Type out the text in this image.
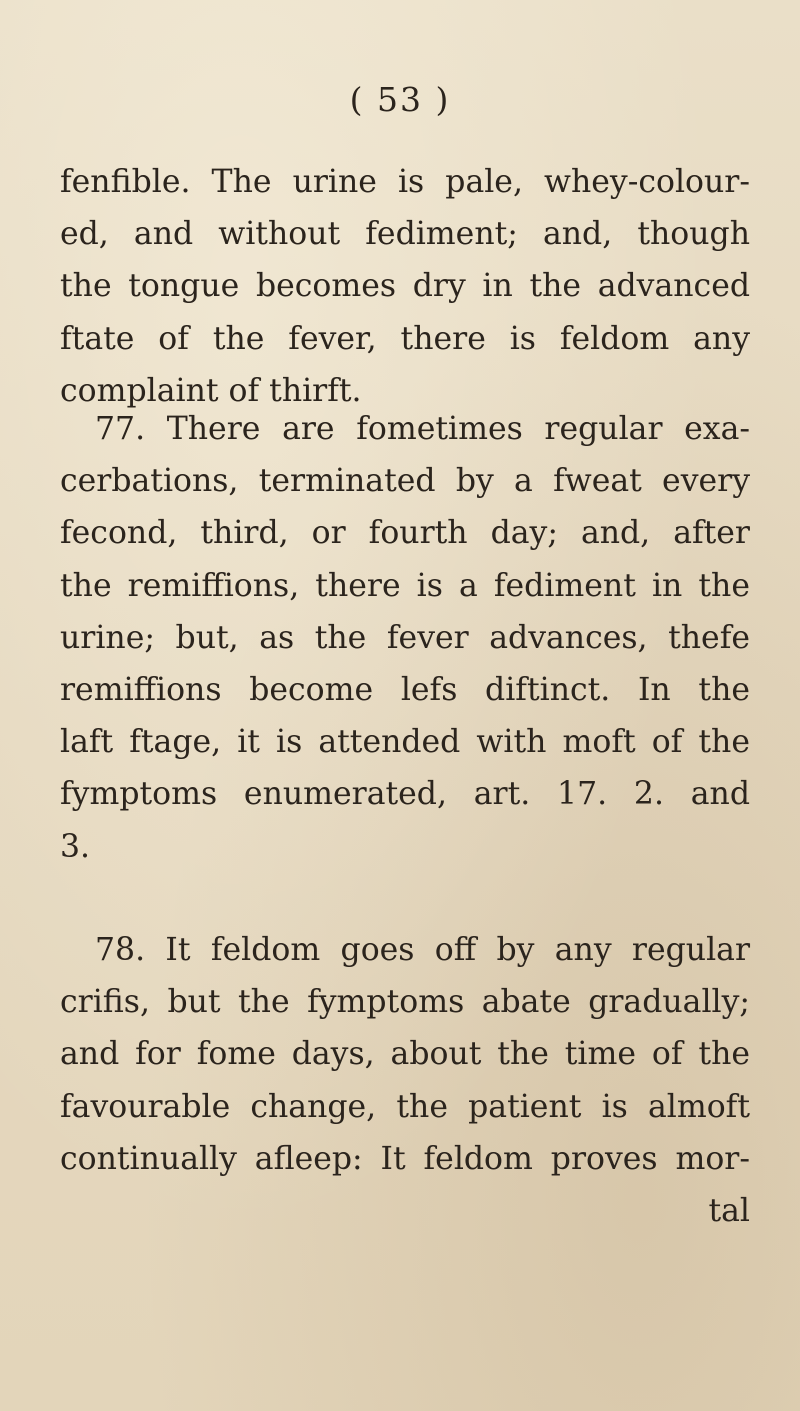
( 53 )
fenfible. The urine is pale, whey-colour-
ed, and without fediment; and, though
the tongue becomes dry in the advanced
ftate of the fever, there is feldom any
complaint of thirft.
77. There are fometimes regular exa-
cerbations, terminated by a fweat every
fecond, third, or fourth day; and, after
the remiffions, there is a fediment in the
urine; but, as the fever advances, thefe
remiffions become lefs diftinct. In the
laft ftage, it is attended with moft of the
fymptoms enumerated, art. 17. 2. and
3.
78. It feldom goes off by any regular
crifis, but the fymptoms abate gradually;
and for fome days, about the time of the
favourable change, the patient is almoft
continually afleep: It feldom proves mor-
tal
